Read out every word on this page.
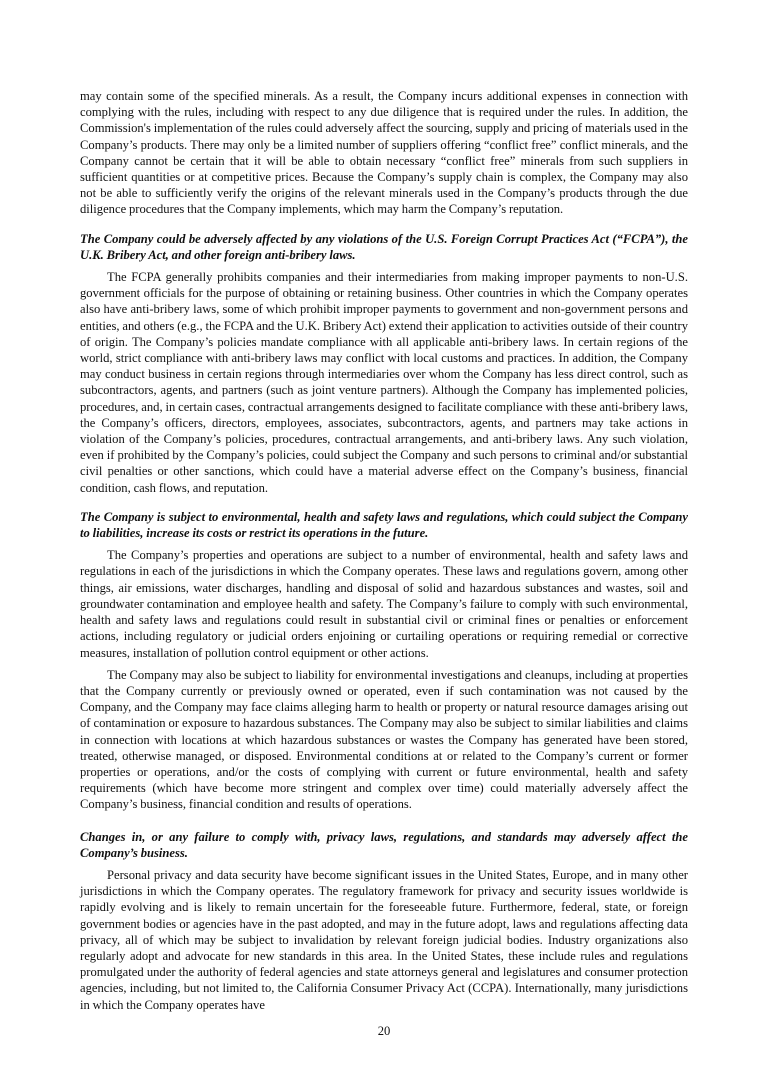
may contain some of the specified minerals. As a result, the Company incurs additional expenses in connection with complying with the rules, including with respect to any due diligence that is required under the rules. In addition, the Commission's implementation of the rules could adversely affect the sourcing, supply and pricing of materials used in the Company’s products. There may only be a limited number of suppliers offering “conflict free” conflict minerals, and the Company cannot be certain that it will be able to obtain necessary “conflict free” minerals from such suppliers in sufficient quantities or at competitive prices. Because the Company’s supply chain is complex, the Company may also not be able to sufficiently verify the origins of the relevant minerals used in the Company’s products through the due diligence procedures that the Company implements, which may harm the Company’s reputation.

The Company could be adversely affected by any violations of the U.S. Foreign Corrupt Practices Act (“FCPA”), the U.K. Bribery Act, and other foreign anti-bribery laws.

The FCPA generally prohibits companies and their intermediaries from making improper payments to non-U.S. government officials for the purpose of obtaining or retaining business. Other countries in which the Company operates also have anti-bribery laws, some of which prohibit improper payments to government and non-government persons and entities, and others (e.g., the FCPA and the U.K. Bribery Act) extend their application to activities outside of their country of origin. The Company’s policies mandate compliance with all applicable anti-bribery laws. In certain regions of the world, strict compliance with anti-bribery laws may conflict with local customs and practices. In addition, the Company may conduct business in certain regions through intermediaries over whom the Company has less direct control, such as subcontractors, agents, and partners (such as joint venture partners). Although the Company has implemented policies, procedures, and, in certain cases, contractual arrangements designed to facilitate compliance with these anti-bribery laws, the Company’s officers, directors, employees, associates, subcontractors, agents, and partners may take actions in violation of the Company’s policies, procedures, contractual arrangements, and anti-bribery laws. Any such violation, even if prohibited by the Company’s policies, could subject the Company and such persons to criminal and/or substantial civil penalties or other sanctions, which could have a material adverse effect on the Company’s business, financial condition, cash flows, and reputation.

The Company is subject to environmental, health and safety laws and regulations, which could subject the Company to liabilities, increase its costs or restrict its operations in the future.

The Company’s properties and operations are subject to a number of environmental, health and safety laws and regulations in each of the jurisdictions in which the Company operates. These laws and regulations govern, among other things, air emissions, water discharges, handling and disposal of solid and hazardous substances and wastes, soil and groundwater contamination and employee health and safety. The Company’s failure to comply with such environmental, health and safety laws and regulations could result in substantial civil or criminal fines or penalties or enforcement actions, including regulatory or judicial orders enjoining or curtailing operations or requiring remedial or corrective measures, installation of pollution control equipment or other actions.

The Company may also be subject to liability for environmental investigations and cleanups, including at properties that the Company currently or previously owned or operated, even if such contamination was not caused by the Company, and the Company may face claims alleging harm to health or property or natural resource damages arising out of contamination or exposure to hazardous substances. The Company may also be subject to similar liabilities and claims in connection with locations at which hazardous substances or wastes the Company has generated have been stored, treated, otherwise managed, or disposed. Environmental conditions at or related to the Company’s current or former properties or operations, and/or the costs of complying with current or future environmental, health and safety requirements (which have become more stringent and complex over time) could materially adversely affect the Company’s business, financial condition and results of operations.

Changes in, or any failure to comply with, privacy laws, regulations, and standards may adversely affect the Company’s business.

Personal privacy and data security have become significant issues in the United States, Europe, and in many other jurisdictions in which the Company operates. The regulatory framework for privacy and security issues worldwide is rapidly evolving and is likely to remain uncertain for the foreseeable future. Furthermore, federal, state, or foreign government bodies or agencies have in the past adopted, and may in the future adopt, laws and regulations affecting data privacy, all of which may be subject to invalidation by relevant foreign judicial bodies. Industry organizations also regularly adopt and advocate for new standards in this area. In the United States, these include rules and regulations promulgated under the authority of federal agencies and state attorneys general and legislatures and consumer protection agencies, including, but not limited to, the California Consumer Privacy Act (CCPA). Internationally, many jurisdictions in which the Company operates have

20
